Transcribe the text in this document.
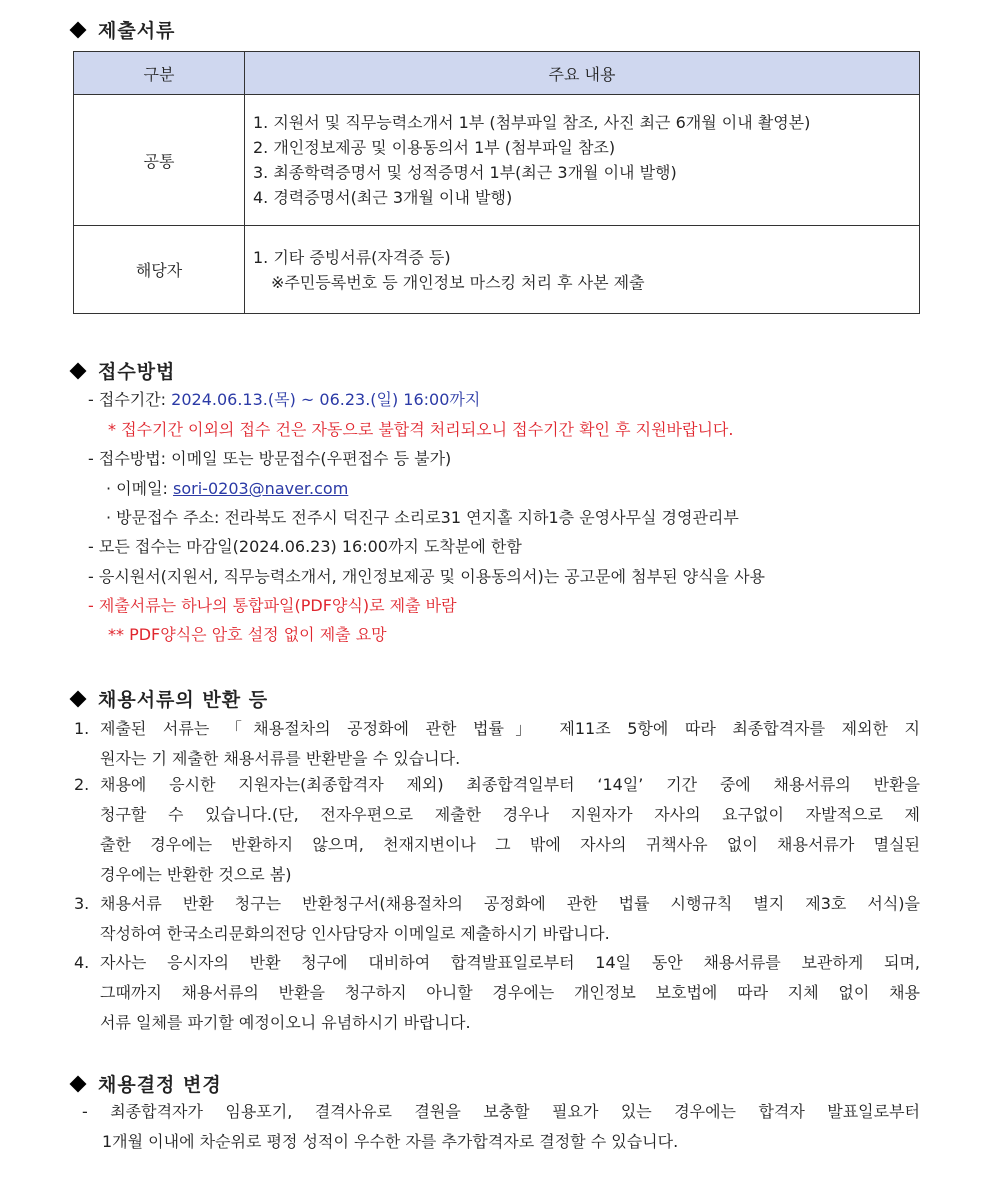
제출서류
구분	주요 내용
공통	1. 지원서 및 직무능력소개서 1부 (첨부파일 참조, 사진 최근 6개월 이내 촬영본)
2. 개인정보제공 및 이용동의서 1부 (첨부파일 참조)
3. 최종학력증명서 및 성적증명서 1부(최근 3개월 이내 발행)
4. 경력증명서(최근 3개월 이내 발행)

해당자	1. 기타 증빙서류(자격증 등)
※주민등록번호 등 개인정보 마스킹 처리 후 사본 제출
접수방법
- 접수기간: 2024.06.13.(목) ~ 06.23.(일) 16:00까지
* 접수기간 이외의 접수 건은 자동으로 불합격 처리되오니 접수기간 확인 후 지원바랍니다.
- 접수방법: 이메일 또는 방문접수(우편접수 등 불가)
· 이메일: sori-0203@naver.com
· 방문접수 주소: 전라북도 전주시 덕진구 소리로31 연지홀 지하1층 운영사무실 경영관리부
- 모든 접수는 마감일(2024.06.23) 16:00까지 도착분에 한함
- 응시원서(지원서, 직무능력소개서, 개인정보제공 및 이용동의서)는 공고문에 첨부된 양식을 사용
- 제출서류는 하나의 통합파일(PDF양식)로 제출 바람
** PDF양식은 암호 설정 없이 제출 요망
채용서류의 반환 등
1. 제출된 서류는 「채용절차의 공정화에 관한 법률」 제11조 5항에 따라 최종합격자를 제외한 지
원자는 기 제출한 채용서류를 반환받을 수 있습니다.
2. 채용에 응시한 지원자는(최종합격자 제외) 최종합격일부터 ‘14일’ 기간 중에 채용서류의 반환을
청구할 수 있습니다.(단, 전자우편으로 제출한 경우나 지원자가 자사의 요구없이 자발적으로 제
출한 경우에는 반환하지 않으며, 천재지변이나 그 밖에 자사의 귀책사유 없이 채용서류가 멸실된
경우에는 반환한 것으로 봄)
3. 채용서류 반환 청구는 반환청구서(채용절차의 공정화에 관한 법률 시행규칙 별지 제3호 서식)을
작성하여 한국소리문화의전당 인사담당자 이메일로 제출하시기 바랍니다.
4. 자사는 응시자의 반환 청구에 대비하여 합격발표일로부터 14일 동안 채용서류를 보관하게 되며,
그때까지 채용서류의 반환을 청구하지 아니할 경우에는 개인정보 보호법에 따라 지체 없이 채용
서류 일체를 파기할 예정이오니 유념하시기 바랍니다.
채용결정 변경
- 최종합격자가 임용포기, 결격사유로 결원을 보충할 필요가 있는 경우에는 합격자 발표일로부터
1개월 이내에 차순위로 평정 성적이 우수한 자를 추가합격자로 결정할 수 있습니다.
